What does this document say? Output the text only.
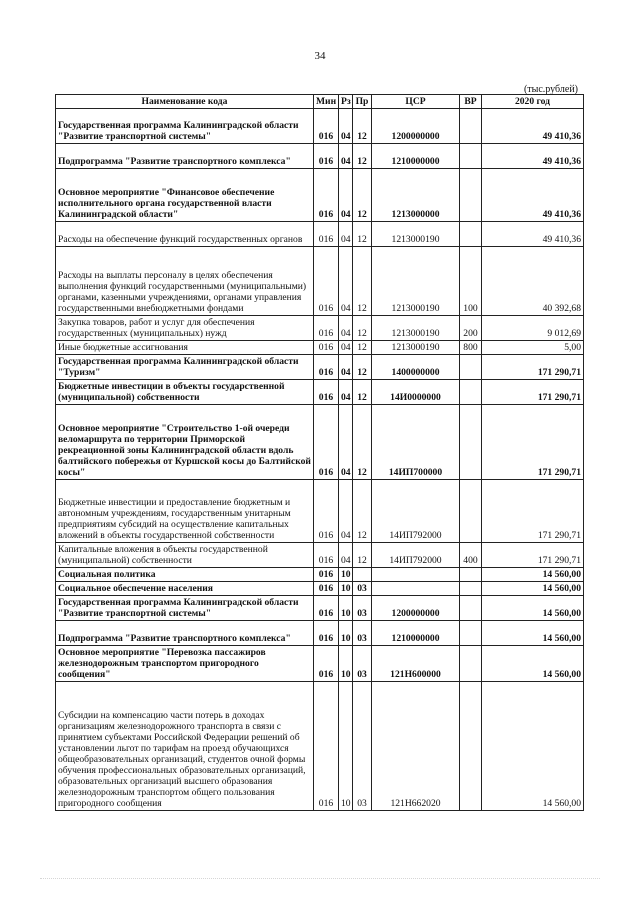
34
(тыс.рублей)
Наименование кода	Мин	Рз	Пр	ЦСР	ВР	2020 год
Государственная программа Калининградской области "Развитие транспортной системы"	016	04	12	1200000000		49 410,36
Подпрограмма "Развитие транспортного комплекса"	016	04	12	1210000000		49 410,36
Основное мероприятие "Финансовое обеспечение исполнительного органа государственной власти Калининградской области"	016	04	12	1213000000		49 410,36
Расходы на обеспечение функций государственных органов	016	04	12	1213000190		49 410,36
Расходы на выплаты персоналу в целях обеспечения выполнения функций государственными (муниципальными) органами, казенными учреждениями, органами управления государственными внебюджетными фондами	016	04	12	1213000190	100	40 392,68
Закупка товаров, работ и услуг для обеспечения государственных (муниципальных) нужд	016	04	12	1213000190	200	9 012,69
Иные бюджетные ассигнования	016	04	12	1213000190	800	5,00
Государственная программа Калининградской области "Туризм"	016	04	12	1400000000		171 290,71
Бюджетные инвестиции в объекты государственной (муниципальной) собственности	016	04	12	14И0000000		171 290,71
Основное мероприятие "Строительство 1-ой очереди веломаршрута по территории Приморской рекреационной зоны Калининградской области вдоль балтийского побережья от Куршской косы до Балтийской косы"	016	04	12	14ИП700000		171 290,71
Бюджетные инвестиции и предоставление бюджетным и автономным учреждениям, государственным унитарным предприятиям субсидий на осуществление капитальных вложений в объекты государственной собственности	016	04	12	14ИП792000		171 290,71
Капитальные вложения в объекты государственной (муниципальной) собственности	016	04	12	14ИП792000	400	171 290,71
Социальная политика	016	10				14 560,00
Социальное обеспечение населения	016	10	03			14 560,00
Государственная программа Калининградской области "Развитие транспортной системы"	016	10	03	1200000000		14 560,00
Подпрограмма "Развитие транспортного комплекса"	016	10	03	1210000000		14 560,00
Основное мероприятие "Перевозка пассажиров железнодорожным транспортом пригородного сообщения"	016	10	03	121Н600000		14 560,00
Субсидии на компенсацию части потерь в доходах организациям железнодорожного транспорта в связи с принятием субъектами Российской Федерации решений об установлении льгот по тарифам на проезд обучающихся общеобразовательных организаций, студентов очной формы обучения профессиональных образовательных организаций, образовательных организаций высшего образования железнодорожным транспортом общего пользования пригородного сообщения	016	10	03	121Н662020		14 560,00
